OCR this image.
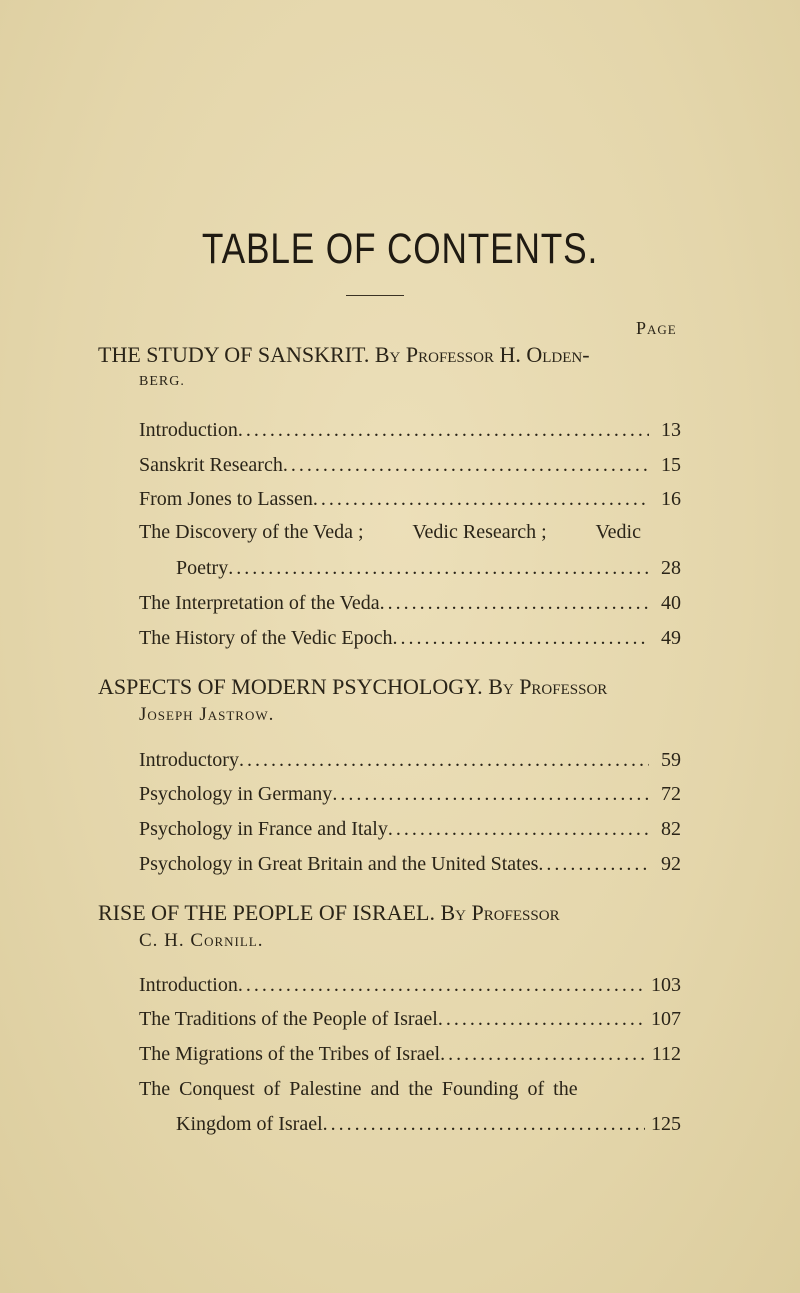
TABLE OF CONTENTS.
Page
THE STUDY OF SANSKRIT. By Professor H. Olden-
BERG.
Introduction . . .	13
Sanskrit Research . . .	15
From Jones to Lassen . . .	16
The Discovery of the Veda ; Vedic Research ; Vedic
Poetry . . .	28
The Interpretation of the Veda . . .	40
The History of the Vedic Epoch . . .	49
ASPECTS OF MODERN PSYCHOLOGY. By Professor
Joseph Jastrow.
Introductory . . .	59
Psychology in Germany . . .	72
Psychology in France and Italy . . .	82
Psychology in Great Britain and the United States . . .	92
RISE OF THE PEOPLE OF ISRAEL. By Professor
C. H. Cornill.
Introduction . . .	103
The Traditions of the People of Israel . . .	107
The Migrations of the Tribes of Israel . . .	112
The Conquest of Palestine and the Founding of the
Kingdom of Israel . . .	125
